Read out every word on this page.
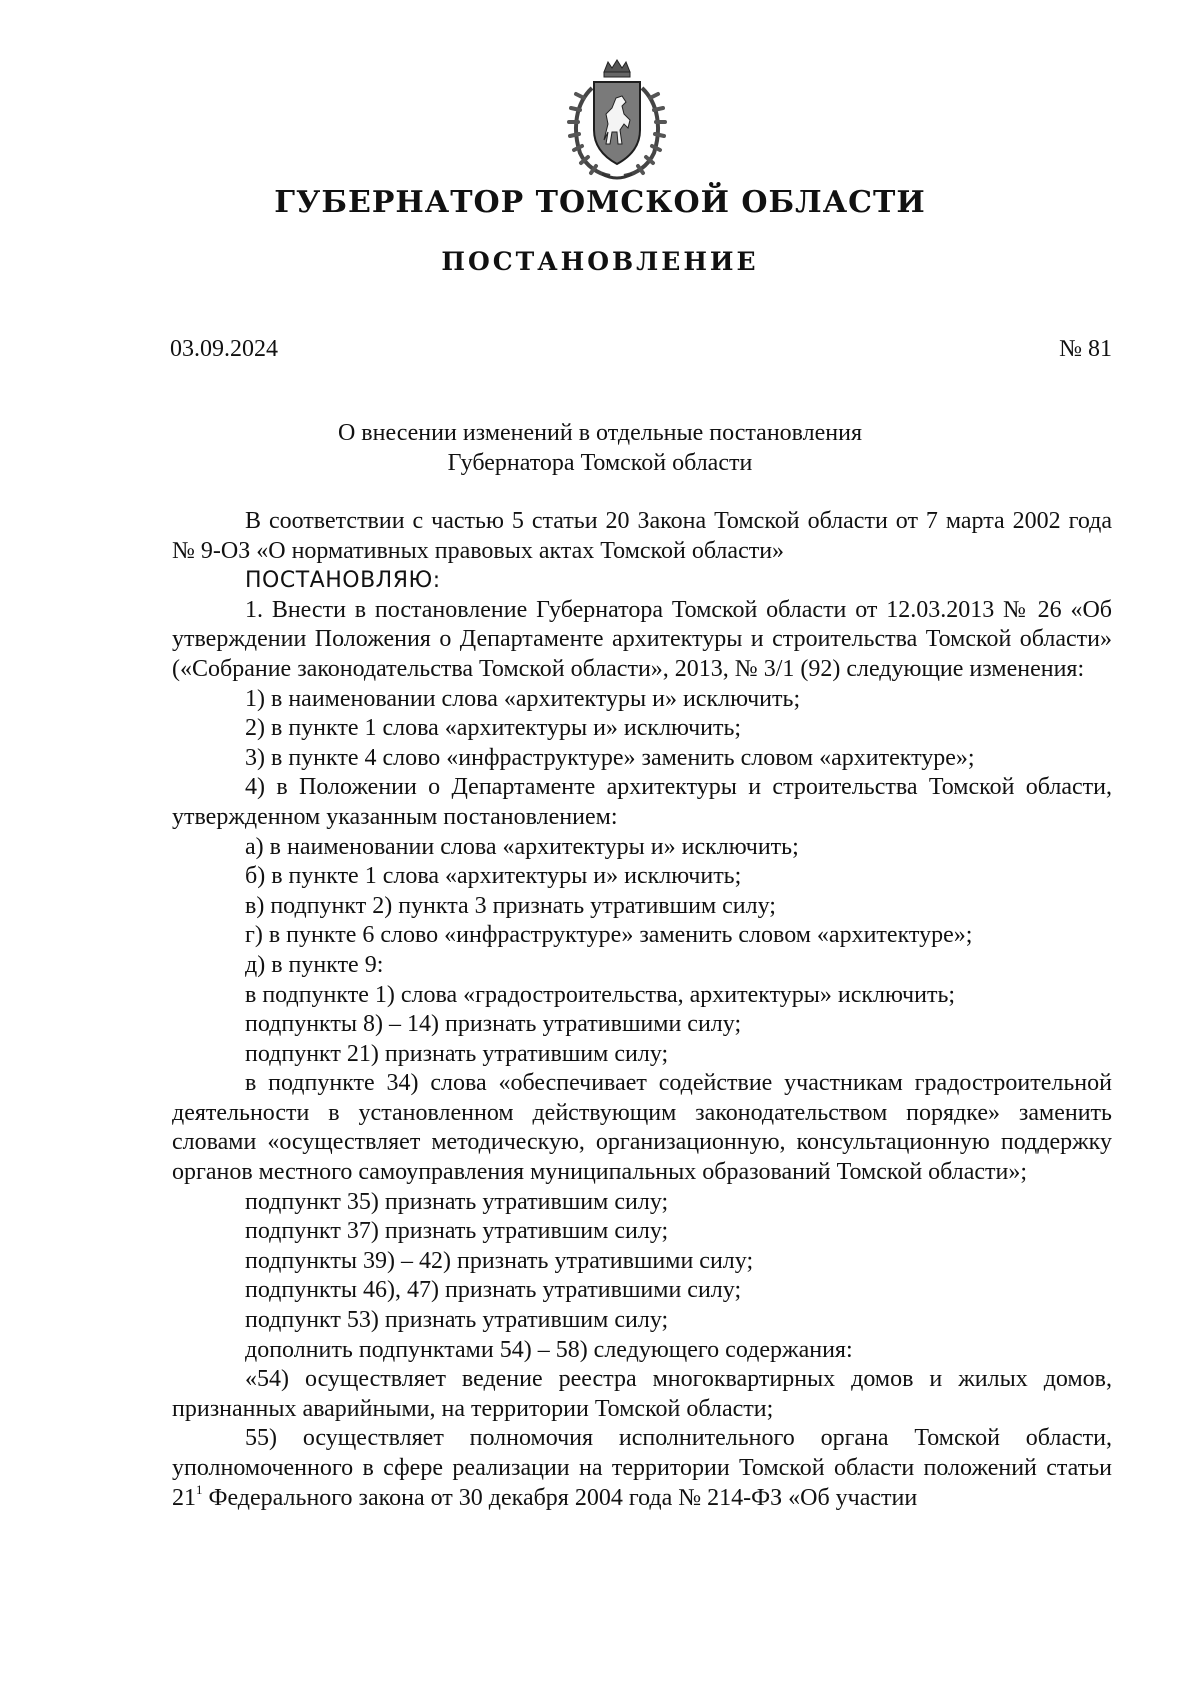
ГУБЕРНАТОР ТОМСКОЙ ОБЛАСТИ
ПОСТАНОВЛЕНИЕ
03.09.2024	№ 81
О внесении изменений в отдельные постановления
Губернатора Томской области

В соответствии с частью 5 статьи 20 Закона Томской области от 7 марта 2002 года № 9-ОЗ «О нормативных правовых актах Томской области»

ПОСТАНОВЛЯЮ:

1. Внести в постановление Губернатора Томской области от 12.03.2013 № 26 «Об утверждении Положения о Департаменте архитектуры и строительства Томской области» («Собрание законодательства Томской области», 2013, № 3/1 (92) следующие изменения:

1) в наименовании слова «архитектуры и» исключить;

2) в пункте 1 слова «архитектуры и» исключить;

3) в пункте 4 слово «инфраструктуре» заменить словом «архитектуре»;

4) в Положении о Департаменте архитектуры и строительства Томской области, утвержденном указанным постановлением:

а) в наименовании слова «архитектуры и» исключить;

б) в пункте 1 слова «архитектуры и» исключить;

в) подпункт 2) пункта 3 признать утратившим силу;

г) в пункте 6 слово «инфраструктуре» заменить словом «архитектуре»;

д) в пункте 9:

в подпункте 1) слова «градостроительства, архитектуры» исключить;

подпункты 8) – 14) признать утратившими силу;

подпункт 21) признать утратившим силу;

в подпункте 34) слова «обеспечивает содействие участникам градостроительной деятельности в установленном действующим законодательством порядке» заменить словами «осуществляет методическую, организационную, консультационную поддержку органов местного самоуправления муниципальных образований Томской области»;

подпункт 35) признать утратившим силу;

подпункт 37) признать утратившим силу;

подпункты 39) – 42) признать утратившими силу;

подпункты 46), 47) признать утратившими силу;

подпункт 53) признать утратившим силу;

дополнить подпунктами 54) – 58) следующего содержания:

«54) осуществляет ведение реестра многоквартирных домов и жилых домов, признанных аварийными, на территории Томской области;

55) осуществляет полномочия исполнительного органа Томской области, уполномоченного в сфере реализации на территории Томской области положений статьи $21^1$ Федерального закона от 30 декабря 2004 года № 214-ФЗ «Об участии
